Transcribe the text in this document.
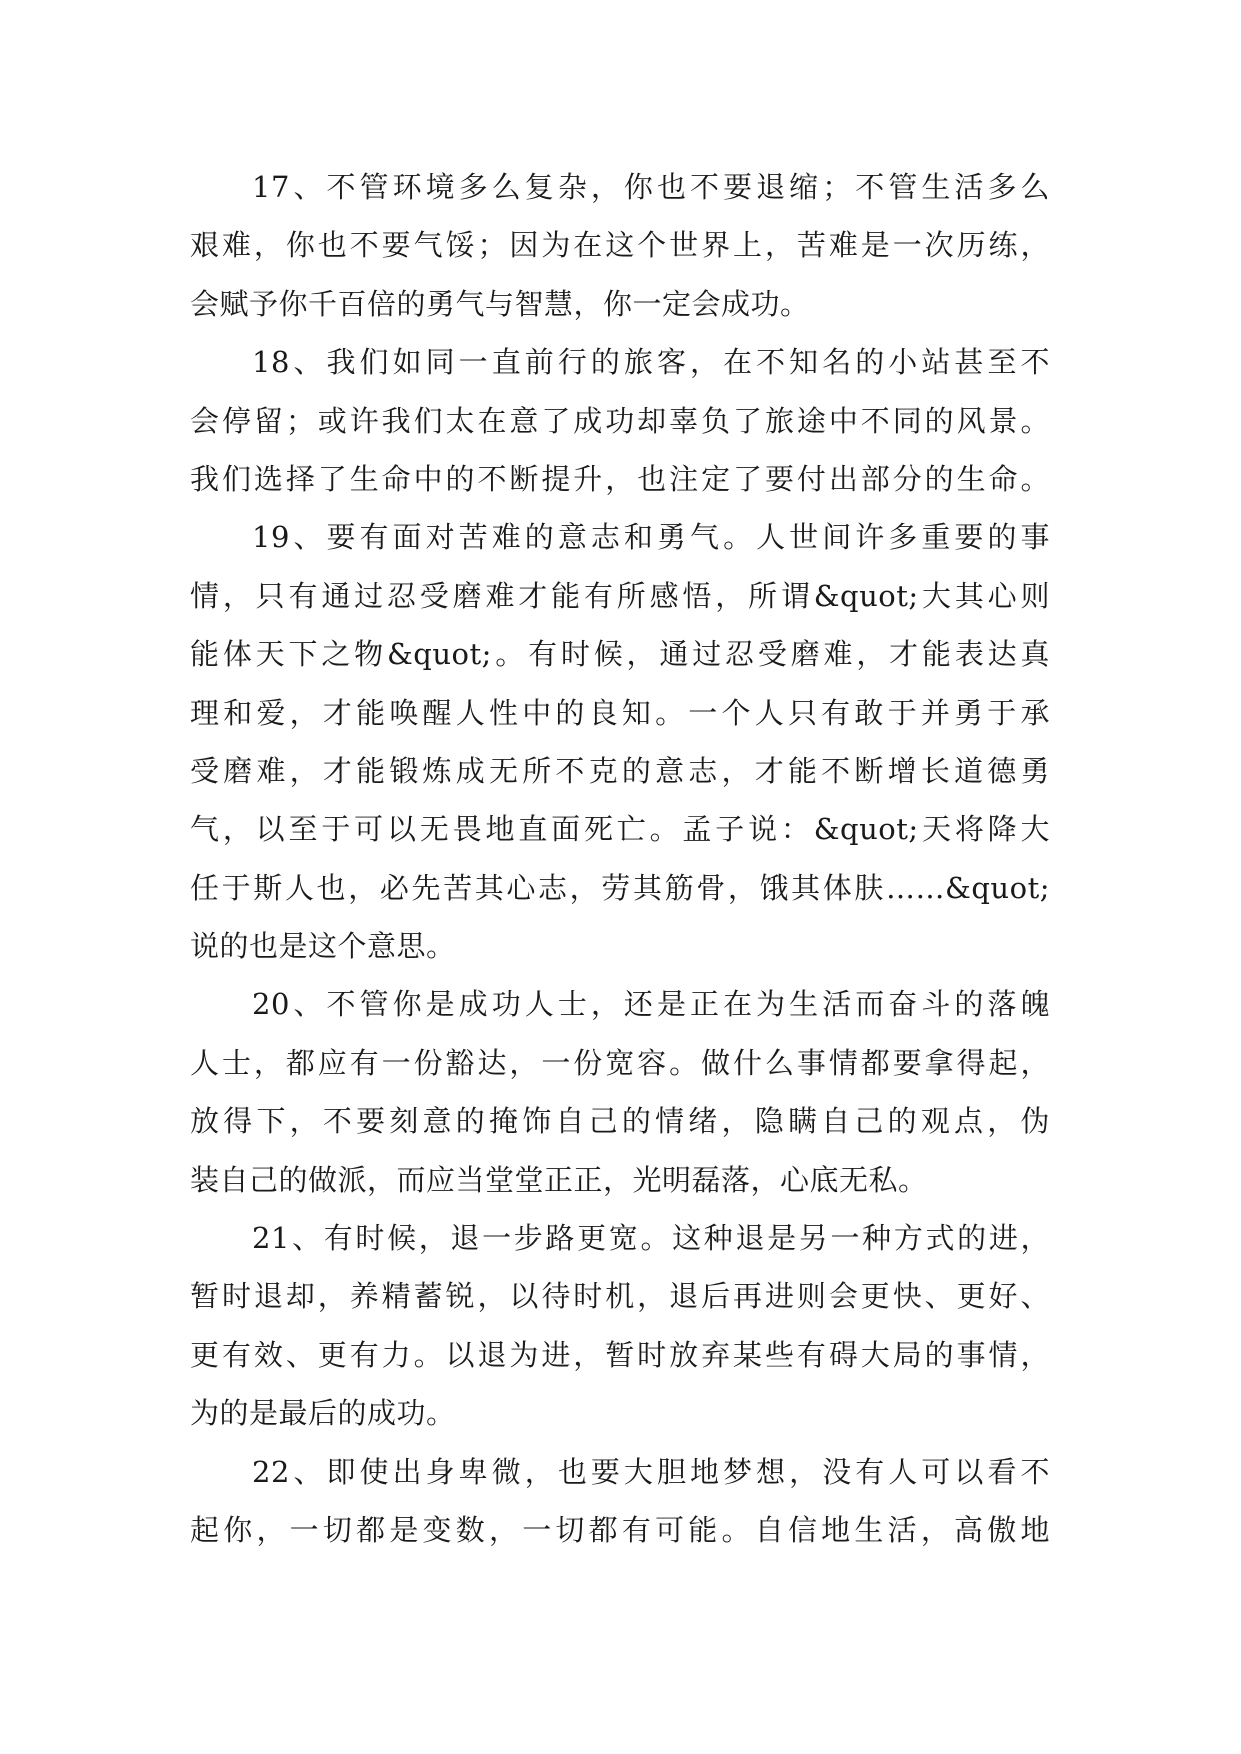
17、不管环境多么复杂，你也不要退缩；不管生活多么
艰难，你也不要气馁；因为在这个世界上，苦难是一次历练，
会赋予你千百倍的勇气与智慧，你一定会成功。
18、我们如同一直前行的旅客，在不知名的小站甚至不
会停留；或许我们太在意了成功却辜负了旅途中不同的风景。
我们选择了生命中的不断提升，也注定了要付出部分的生命。
19、要有面对苦难的意志和勇气。人世间许多重要的事
情，只有通过忍受磨难才能有所感悟，所谓&quot;大其心则
能体天下之物&quot;。有时候，通过忍受磨难，才能表达真
理和爱，才能唤醒人性中的良知。一个人只有敢于并勇于承
受磨难，才能锻炼成无所不克的意志，才能不断增长道德勇
气，以至于可以无畏地直面死亡。孟子说：&quot;天将降大
任于斯人也，必先苦其心志，劳其筋骨，饿其体肤……&quot;
说的也是这个意思。
20、不管你是成功人士，还是正在为生活而奋斗的落魄
人士，都应有一份豁达，一份宽容。做什么事情都要拿得起，
放得下，不要刻意的掩饰自己的情绪，隐瞒自己的观点，伪
装自己的做派，而应当堂堂正正，光明磊落，心底无私。
21、有时候，退一步路更宽。这种退是另一种方式的进，
暂时退却，养精蓄锐，以待时机，退后再进则会更快、更好、
更有效、更有力。以退为进，暂时放弃某些有碍大局的事情，
为的是最后的成功。
22、即使出身卑微，也要大胆地梦想，没有人可以看不
起你，一切都是变数，一切都有可能。自信地生活，高傲地
